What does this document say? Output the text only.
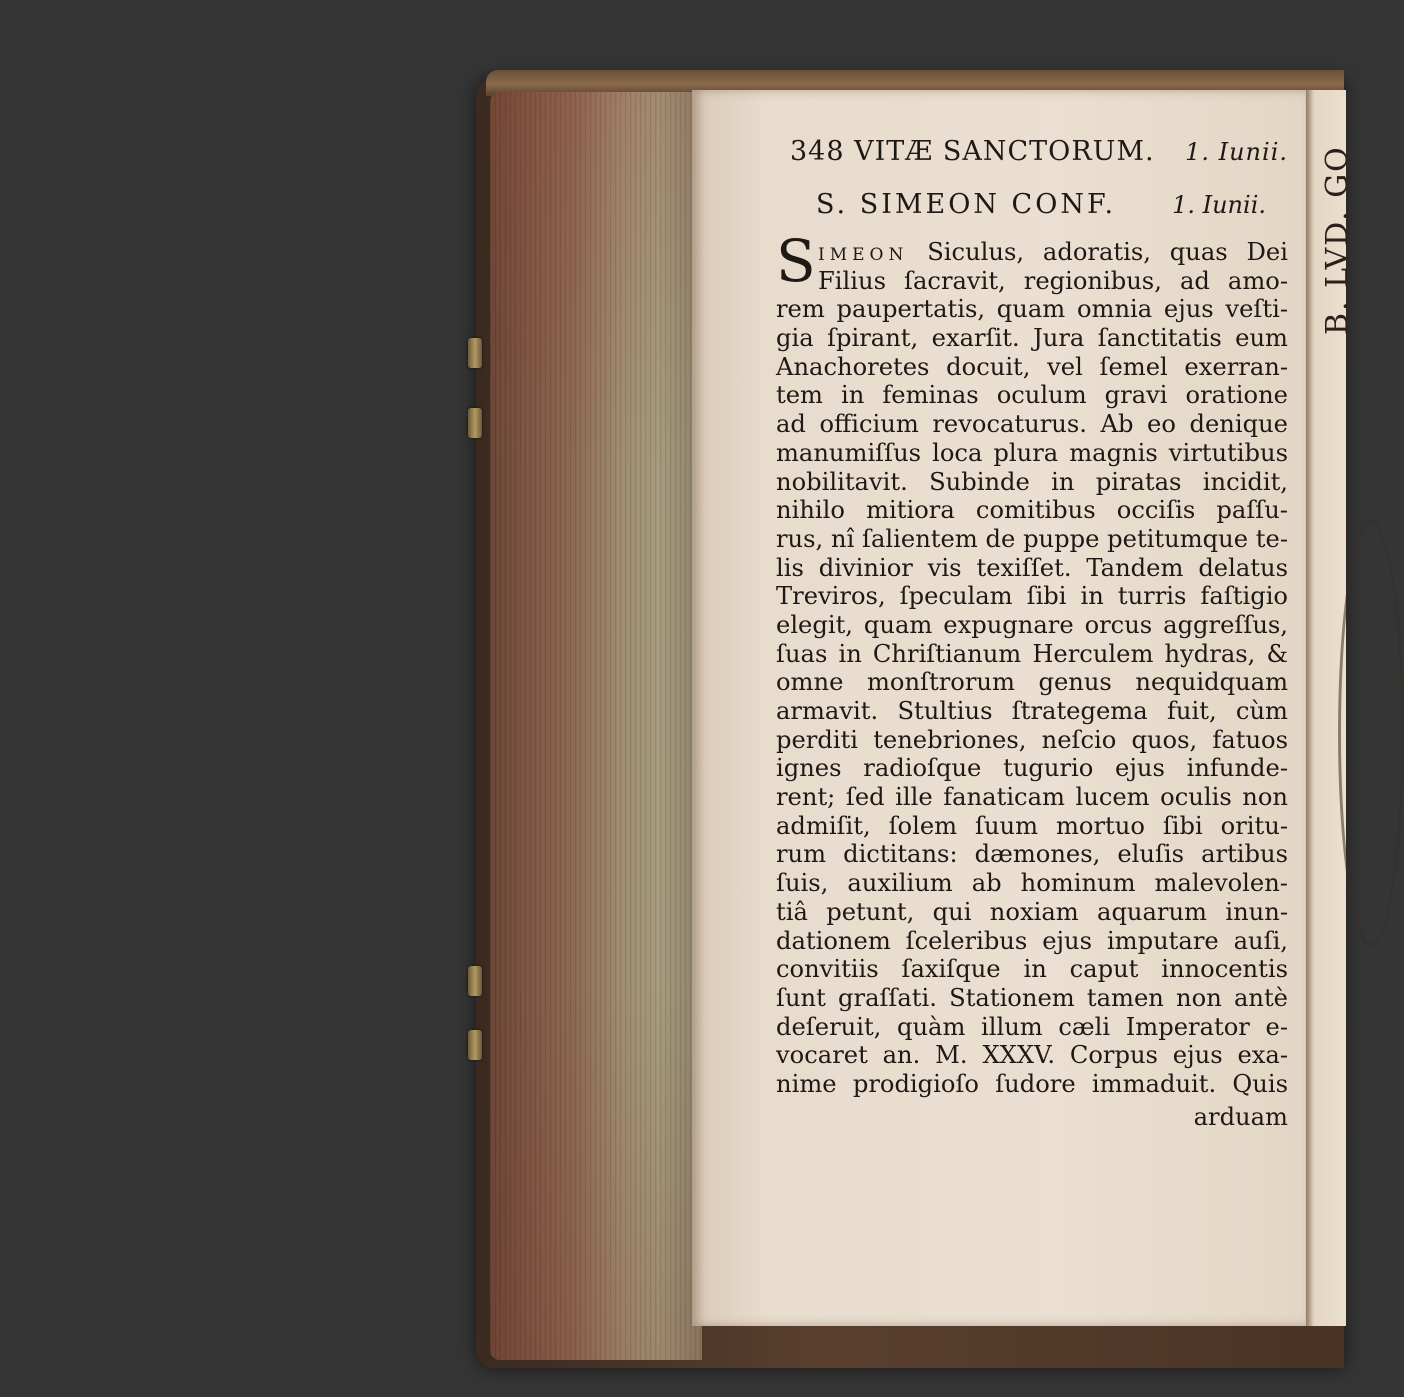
B. LVD. GO
348 VITÆ SANCTORUM. 1. Iunii.
S. SIMEON CONF. 1. Iunii.
S IMEON Siculus, adoratis, quas Dei
Filius ſacravit, regionibus, ad amo-
rem paupertatis, quam omnia ejus veſti-
gia ſpirant, exarſit. Jura ſanctitatis eum
Anachoretes docuit, vel ſemel exerran-
tem in feminas oculum gravi oratione
ad officium revocaturus. Ab eo denique
manumiſſus loca plura magnis virtutibus
nobilitavit. Subinde in piratas incidit,
nihilo mitiora comitibus occiſis paſſu-
rus, nî ſalientem de puppe petitumque te-
lis divinior vis texiſſet. Tandem delatus
Treviros, ſpeculam ſibi in turris faſtigio
elegit, quam expugnare orcus aggreſſus,
ſuas in Chriſtianum Herculem hydras, &
omne monſtrorum genus nequidquam
armavit. Stultius ſtrategema fuit, cùm
perditi tenebriones, neſcio quos, fatuos
ignes radioſque tugurio ejus infunde-
rent; ſed ille fanaticam lucem oculis non
admiſit, ſolem ſuum mortuo ſibi oritu-
rum dictitans: dæmones, eluſis artibus
ſuis, auxilium ab hominum malevolen-
tiâ petunt, qui noxiam aquarum inun-
dationem ſceleribus ejus imputare auſi,
convitiis ſaxiſque in caput innocentis
ſunt graſſati. Stationem tamen non antè
deſeruit, quàm illum cæli Imperator e-
vocaret an. M. XXXV. Corpus ejus exa-
nime prodigioſo ſudore immaduit. Quis
arduam
